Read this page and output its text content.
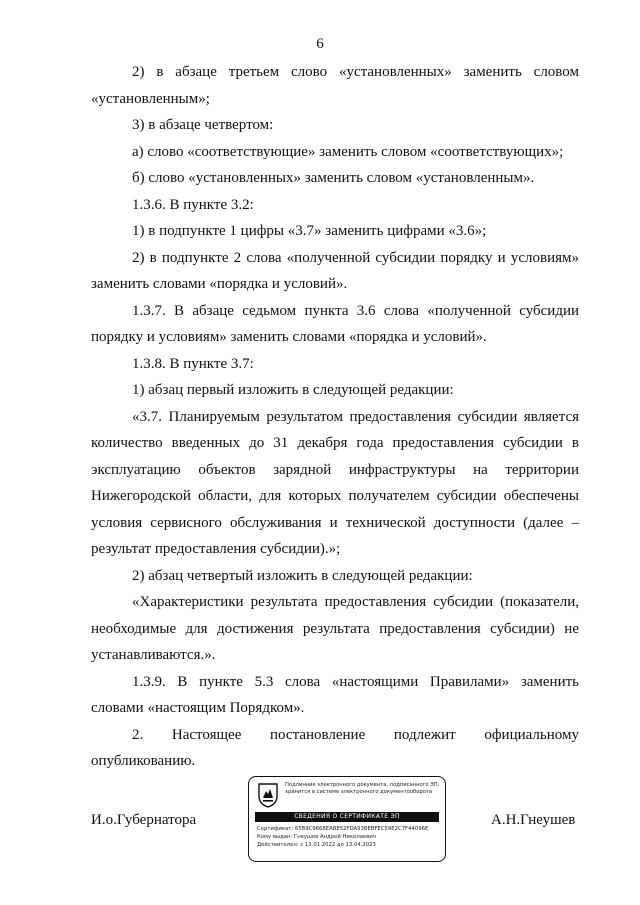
6

2) в абзаце третьем слово «установленных» заменить словом «установленным»;

3) в абзаце четвертом:

а) слово «соответствующие» заменить словом «соответствующих»;

б) слово «установленных» заменить словом «установленным».

1.3.6. В пункте 3.2:

1) в подпункте 1 цифры «3.7» заменить цифрами «3.6»;

2) в подпункте 2 слова «полученной субсидии порядку и условиям» заменить словами «порядка и условий».

1.3.7. В абзаце седьмом пункта 3.6 слова «полученной субсидии порядку и условиям» заменить словами «порядка и условий».

1.3.8. В пункте 3.7:

1) абзац первый изложить в следующей редакции:

«3.7. Планируемым результатом предоставления субсидии является количество введенных до 31 декабря года предоставления субсидии в эксплуатацию объектов зарядной инфраструктуры на территории Нижегородской области, для которых получателем субсидии обеспечены условия сервисного обслуживания и технической доступности (далее – результат предоставления субсидии).»;

2) абзац четвертый изложить в следующей редакции:

«Характеристики результата предоставления субсидии (показатели, необходимые для достижения результата предоставления субсидии) не устанавливаются.».

1.3.9. В пункте 5.3 слова «настоящими Правилами» заменить словами «настоящим Порядком».

2. Настоящее постановление подлежит официальному опубликованию.

И.о.Губернатора	А.Н.Гнеушев
Подлинник электронного документа, подписанного ЭП, хранится в системе электронного документооборота
СВЕДЕНИЯ О СЕРТИФИКАТЕ ЭП
Сертификат: 65B9C9668EABE52FDA93BEBFEC59E2C7F44096E
Кому выдан: Гнеушев Андрей Николаевич
Действителен: с 13.01.2022 до 13.04.2023
